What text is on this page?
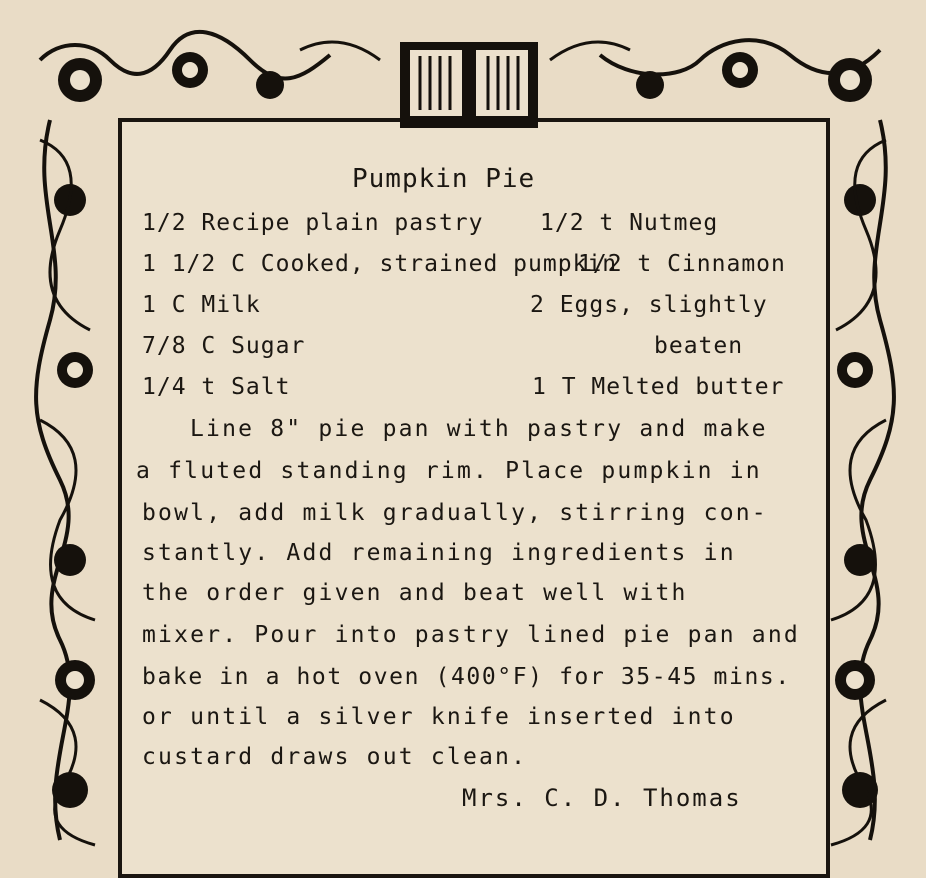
Pumpkin Pie
1/2 Recipe plain pastry
1 1/2 C Cooked, strained pumpkin
1 C Milk
7/8 C Sugar
1/4 t Salt
1/2 t Nutmeg
1/2 t Cinnamon
2 Eggs, slightly
beaten
1 T Melted butter
Line 8" pie pan with pastry and make
a fluted standing rim. Place pumpkin in
bowl, add milk gradually, stirring con-
stantly. Add remaining ingredients in
the order given and beat well with
mixer. Pour into pastry lined pie pan and
bake in a hot oven (400°F) for 35-45 mins.
or until a silver knife inserted into
custard draws out clean.
Mrs. C. D. Thomas
